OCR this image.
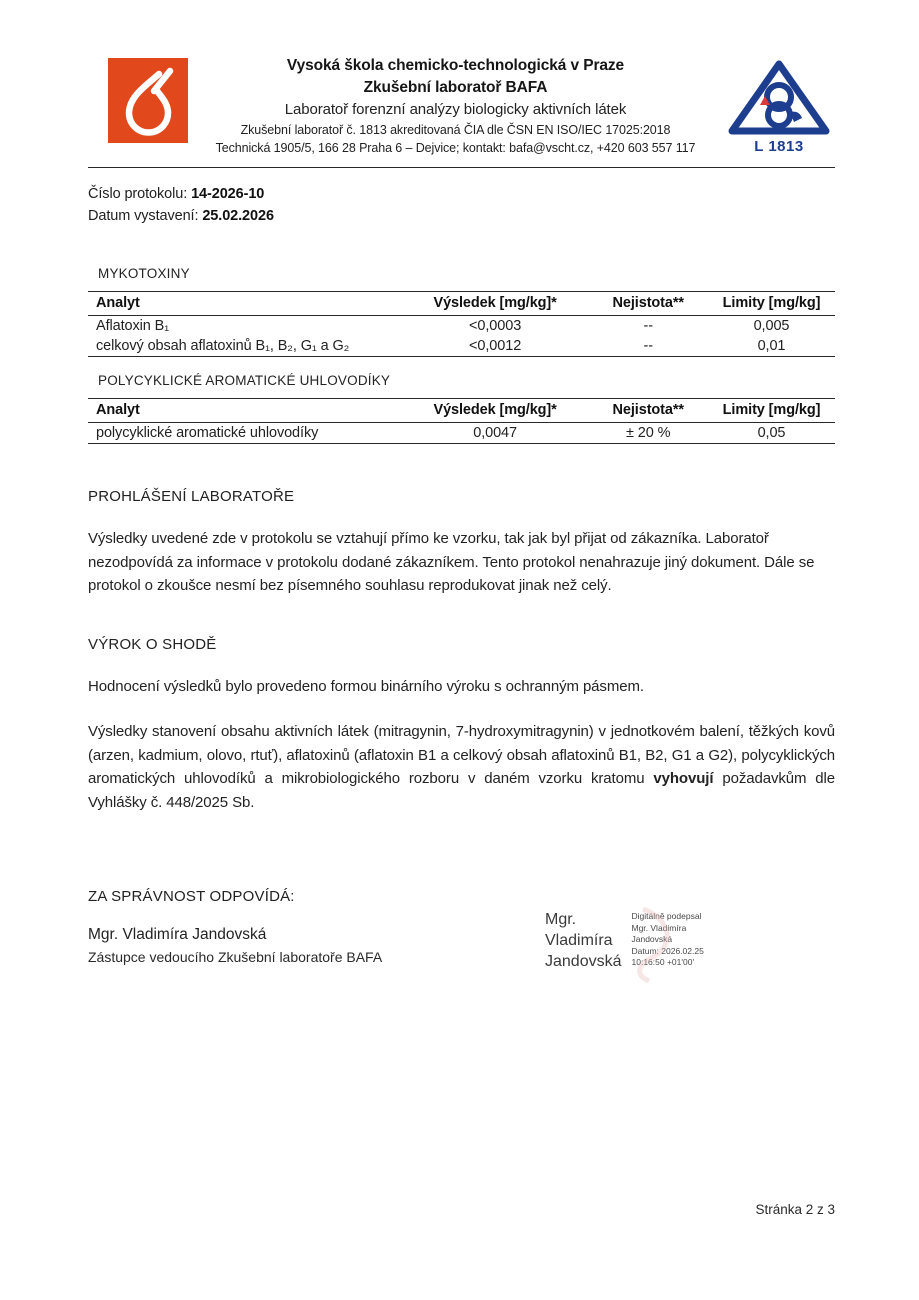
Vysoká škola chemicko-technologická v Praze
Zkušební laboratoř BAFA
Laboratoř forenzní analýzy biologicky aktivních látek
Zkušební laboratoř č. 1813 akreditovaná ČIA dle ČSN EN ISO/IEC 17025:2018
Technická 1905/5, 166 28 Praha 6 – Dejvice; kontakt: bafa@vscht.cz, +420 603 557 117	L 1813
Číslo protokolu: 14-2026-10
Datum vystavení: 25.02.2026
MYKOTOXINY
Analyt	Výsledek [mg/kg]*	Nejistota**	Limity [mg/kg]
Aflatoxin B₁	<0,0003	--	0,005
celkový obsah aflatoxinů B₁, B₂, G₁ a G₂	<0,0012	--	0,01
POLYCYKLICKÉ AROMATICKÉ UHLOVODÍKY
Analyt	Výsledek [mg/kg]*	Nejistota**	Limity [mg/kg]
polycyklické aromatické uhlovodíky	0,0047	± 20 %	0,05
PROHLÁŠENÍ LABORATOŘE

Výsledky uvedené zde v protokolu se vztahují přímo ke vzorku, tak jak byl přijat od zákazníka. Laboratoř nezodpovídá za informace v protokolu dodané zákazníkem. Tento protokol nenahrazuje jiný dokument. Dále se protokol o zkoušce nesmí bez písemného souhlasu reprodukovat jinak než celý.

VÝROK O SHODĚ

Hodnocení výsledků bylo provedeno formou binárního výroku s ochranným pásmem.

Výsledky stanovení obsahu aktivních látek (mitragynin, 7-hydroxymitragynin) v jednotkovém balení, těžkých kovů (arzen, kadmium, olovo, rtuť), aflatoxinů (aflatoxin B1 a celkový obsah aflatoxinů B1, B2, G1 a G2), polycyklických aromatických uhlovodíků a mikrobiologického rozboru v daném vzorku kratomu vyhovují požadavkům dle Vyhlášky č. 448/2025 Sb.

ZA SPRÁVNOST ODPOVÍDÁ:
Mgr. Vladimíra Jandovská
Zástupce vedoucího Zkušební laboratoře BAFA
Mgr.
Vladimíra
Jandovská
Digitálně podepsal
Mgr. Vladimíra
Jandovská
Datum: 2026.02.25
10:16:50 +01'00'
Stránka 2 z 3
